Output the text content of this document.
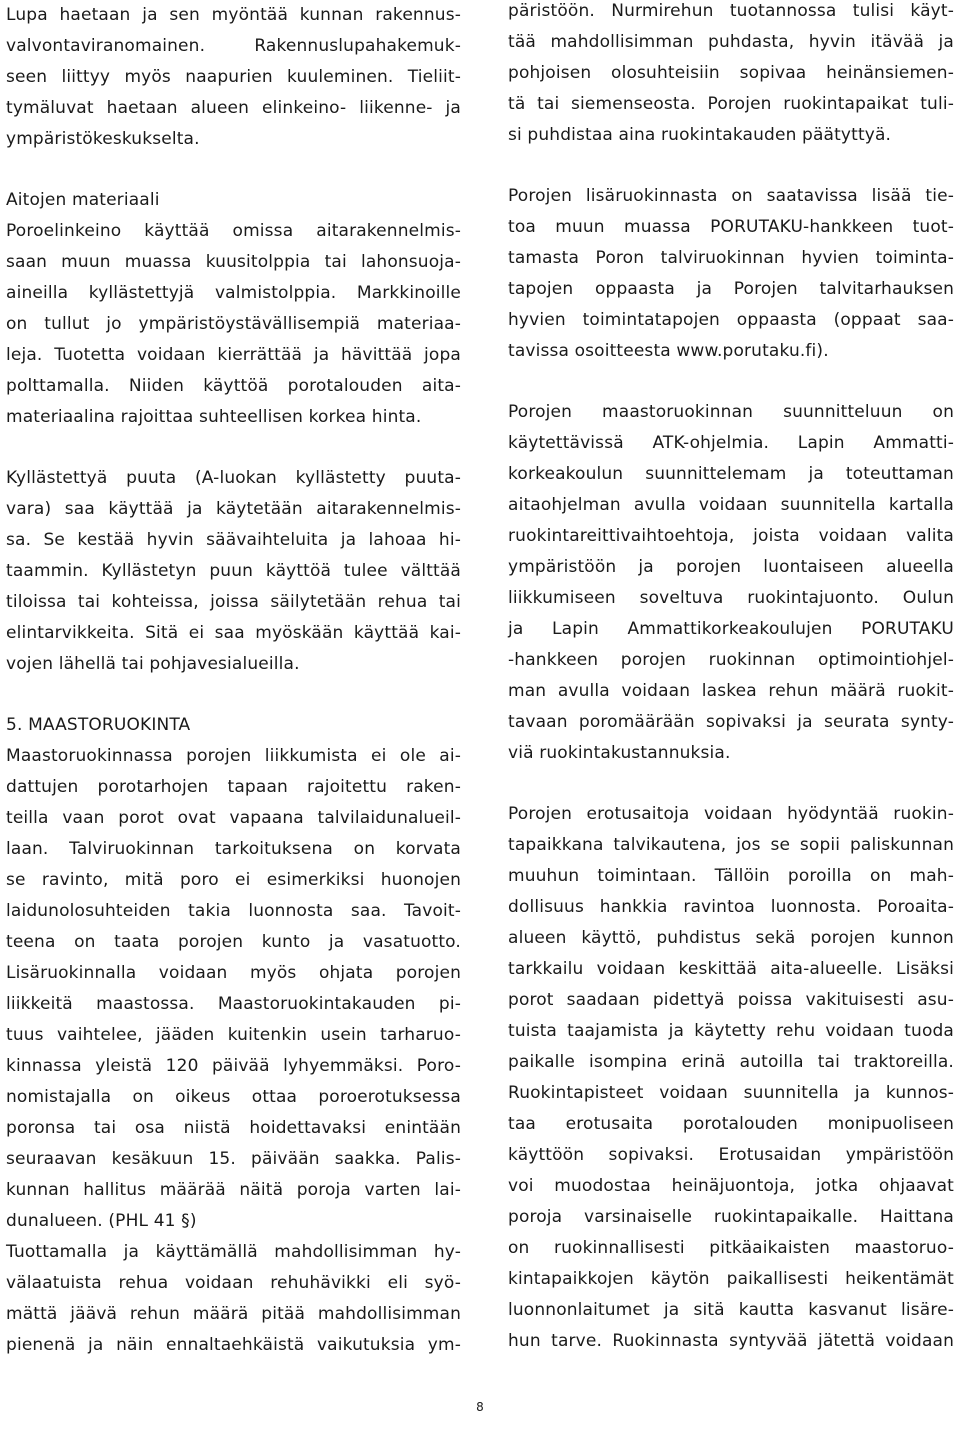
Lupa haetaan ja sen myöntää kunnan rakennus-
valvontaviranomainen. Rakennuslupahakemuk-
seen liittyy myös naapurien kuuleminen. Tieliit-
tymäluvat haetaan alueen elinkeino- liikenne- ja
ympäristökeskukselta.
Aitojen materiaali
Poroelinkeino käyttää omissa aitarakennelmis-
saan muun muassa kuusitolppia tai lahonsuoja-
aineilla kyllästettyjä valmistolppia. Markkinoille
on tullut jo ympäristöystävällisempiä materiaa-
leja. Tuotetta voidaan kierrättää ja hävittää jopa
polttamalla. Niiden käyttöä porotalouden aita-
materiaalina rajoittaa suhteellisen korkea hinta.
Kyllästettyä puuta (A-luokan kyllästetty puuta-
vara) saa käyttää ja käytetään aitarakennelmis-
sa. Se kestää hyvin säävaihteluita ja lahoaa hi-
taammin. Kyllästetyn puun käyttöä tulee välttää
tiloissa tai kohteissa, joissa säilytetään rehua tai
elintarvikkeita. Sitä ei saa myöskään käyttää kai-
vojen lähellä tai pohjavesialueilla.
5. MAASTORUOKINTA
Maastoruokinnassa porojen liikkumista ei ole ai-
dattujen porotarhojen tapaan rajoitettu raken-
teilla vaan porot ovat vapaana talvilaidunalueil-
laan. Talviruokinnan tarkoituksena on korvata
se ravinto, mitä poro ei esimerkiksi huonojen
laidunolosuhteiden takia luonnosta saa. Tavoit-
teena on taata porojen kunto ja vasatuotto.
Lisäruokinnalla voidaan myös ohjata porojen
liikkeitä maastossa. Maastoruokintakauden pi-
tuus vaihtelee, jääden kuitenkin usein tarharuo-
kinnassa yleistä 120 päivää lyhyemmäksi. Poro-
nomistajalla on oikeus ottaa poroerotuksessa
poronsa tai osa niistä hoidettavaksi enintään
seuraavan kesäkuun 15. päivään saakka. Palis-
kunnan hallitus määrää näitä poroja varten lai-
dunalueen. (PHL 41 §)
Tuottamalla ja käyttämällä mahdollisimman hy-
välaatuista rehua voidaan rehuhävikki eli syö-
mättä jäävä rehun määrä pitää mahdollisimman
pienenä ja näin ennaltaehkäistä vaikutuksia ym-
päristöön. Nurmirehun tuotannossa tulisi käyt-
tää mahdollisimman puhdasta, hyvin itävää ja
pohjoisen olosuhteisiin sopivaa heinänsiemen-
tä tai siemenseosta. Porojen ruokintapaikat tuli-
si puhdistaa aina ruokintakauden päätyttyä.
Porojen lisäruokinnasta on saatavissa lisää tie-
toa muun muassa PORUTAKU-hankkeen tuot-
tamasta Poron talviruokinnan hyvien toiminta-
tapojen oppaasta ja Porojen talvitarhauksen
hyvien toimintatapojen oppaasta (oppaat saa-
tavissa osoitteesta www.porutaku.fi).
Porojen maastoruokinnan suunnitteluun on
käytettävissä ATK-ohjelmia. Lapin Ammatti-
korkeakoulun suunnittelemam ja toteuttaman
aitaohjelman avulla voidaan suunnitella kartalla
ruokintareittivaihtoehtoja, joista voidaan valita
ympäristöön ja porojen luontaiseen alueella
liikkumiseen soveltuva ruokintajuonto. Oulun
ja Lapin Ammattikorkeakoulujen PORUTAKU
-hankkeen porojen ruokinnan optimointiohjel-
man avulla voidaan laskea rehun määrä ruokit-
tavaan poromäärään sopivaksi ja seurata synty-
viä ruokintakustannuksia.
Porojen erotusaitoja voidaan hyödyntää ruokin-
tapaikkana talvikautena, jos se sopii paliskunnan
muuhun toimintaan. Tällöin poroilla on mah-
dollisuus hankkia ravintoa luonnosta. Poroaita-
alueen käyttö, puhdistus sekä porojen kunnon
tarkkailu voidaan keskittää aita-alueelle. Lisäksi
porot saadaan pidettyä poissa vakituisesti asu-
tuista taajamista ja käytetty rehu voidaan tuoda
paikalle isompina erinä autoilla tai traktoreilla.
Ruokintapisteet voidaan suunnitella ja kunnos-
taa erotusaita porotalouden monipuoliseen
käyttöön sopivaksi. Erotusaidan ympäristöön
voi muodostaa heinäjuontoja, jotka ohjaavat
poroja varsinaiselle ruokintapaikalle. Haittana
on ruokinnallisesti pitkäaikaisten maastoruo-
kintapaikkojen käytön paikallisesti heikentämät
luonnonlaitumet ja sitä kautta kasvanut lisäre-
hun tarve. Ruokinnasta syntyvää jätettä voidaan
8
